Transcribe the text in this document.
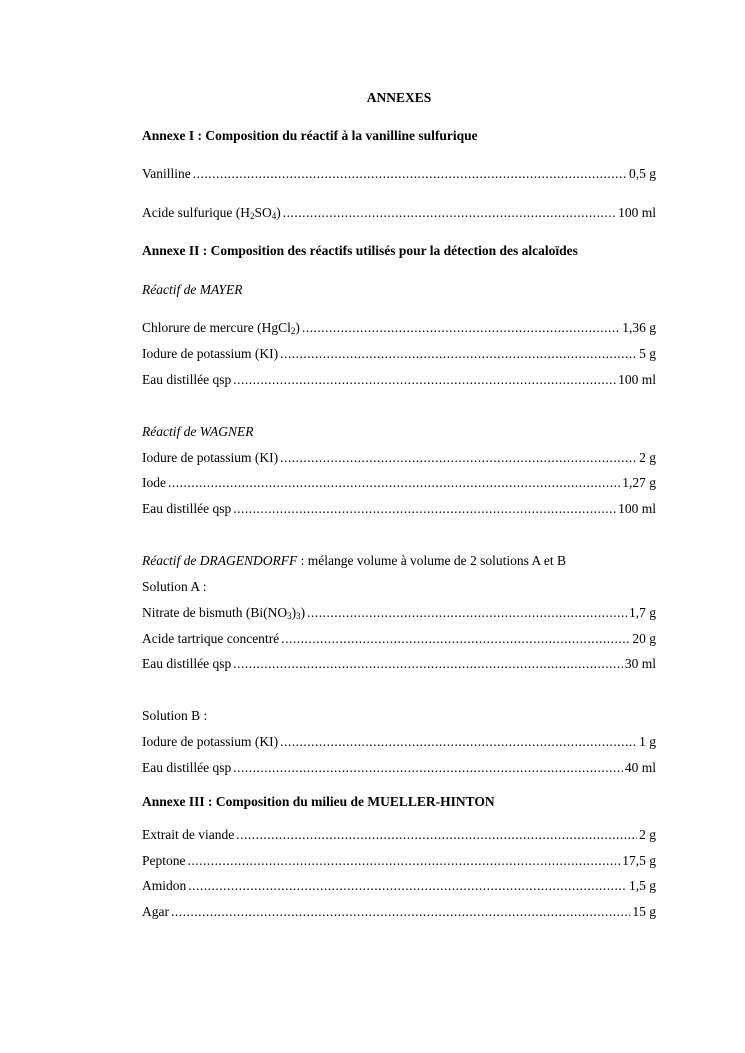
ANNEXES
Annexe I : Composition du réactif à la vanilline sulfurique
Vanilline .....	0,5 g
Acide sulfurique $(H_2SO_4)$ .....	100 ml
Annexe II : Composition des réactifs utilisés pour la détection des alcaloïdes
Réactif de MAYER
Chlorure de mercure (HgCl$_2$) .....	1,36 g
Iodure de potassium (KI) .....	5 g
Eau distillée qsp .....	100 ml
Réactif de WAGNER
Iodure de potassium (KI) .....	2 g
Iode .....	1,27 g
Eau distillée qsp .....	100 ml
Réactif de DRAGENDORFF : mélange volume à volume de 2 solutions A et B
Solution A :
Nitrate de bismuth $(Bi(NO_3)_3)$ .....	1,7 g
Acide tartrique concentré .....	20 g
Eau distillée qsp .....	30 ml
Solution B :
Iodure de potassium (KI) .....	1 g
Eau distillée qsp .....	40 ml
Annexe III : Composition du milieu de MUELLER-HINTON
Extrait de viande .....	2 g
Peptone .....	17,5 g
Amidon .....	1,5 g
Agar .....	15 g
